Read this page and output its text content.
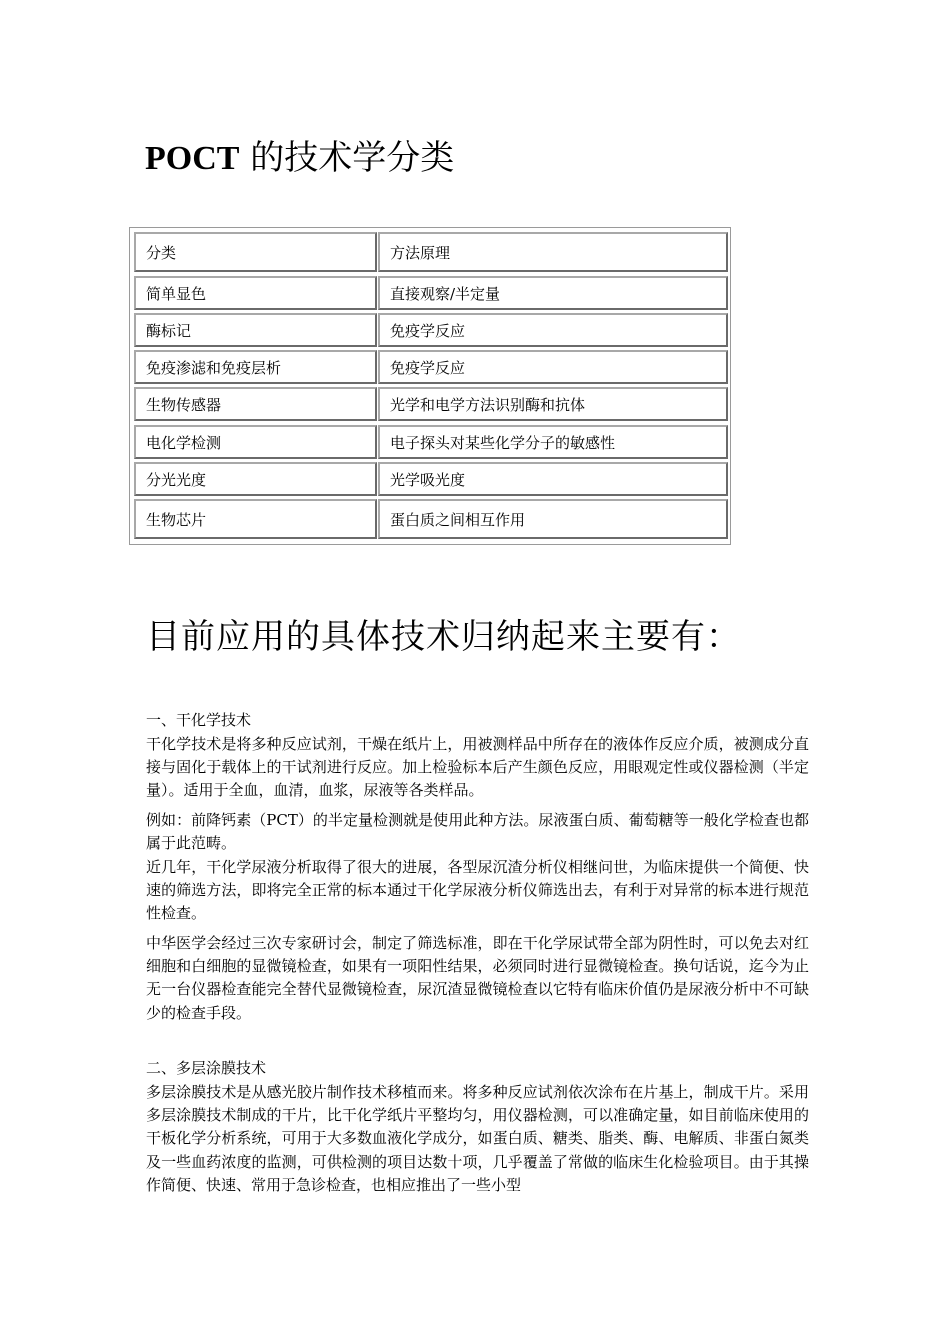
POCT 的技术学分类
分类	方法原理
简单显色	直接观察/半定量
酶标记	免疫学反应
免疫渗滤和免疫层析	免疫学反应
生物传感器	光学和电学方法识别酶和抗体
电化学检测	电子探头对某些化学分子的敏感性
分光光度	光学吸光度
生物芯片	蛋白质之间相互作用
目前应用的具体技术归纳起来主要有：

一、干化学技术

干化学技术是将多种反应试剂，干燥在纸片上，用被测样品中所存在的液体作反应介质，被测成分直接与固化于载体上的干试剂进行反应。加上检验标本后产生颜色反应，用眼观定性或仪器检测（半定量）。适用于全血，血清，血浆，尿液等各类样品。

例如：前降钙素（PCT）的半定量检测就是使用此种方法。尿液蛋白质、葡萄糖等一般化学检查也都属于此范畴。

近几年，干化学尿液分析取得了很大的进展，各型尿沉渣分析仪相继问世，为临床提供一个简便、快速的筛选方法，即将完全正常的标本通过干化学尿液分析仪筛选出去，有利于对异常的标本进行规范性检查。

中华医学会经过三次专家研讨会，制定了筛选标准，即在干化学尿试带全部为阴性时，可以免去对红细胞和白细胞的显微镜检查，如果有一项阳性结果，必须同时进行显微镜检查。换句话说，迄今为止无一台仪器检查能完全替代显微镜检查，尿沉渣显微镜检查以它特有临床价值仍是尿液分析中不可缺少的检查手段。

二、多层涂膜技术

多层涂膜技术是从感光胶片制作技术移植而来。将多种反应试剂依次涂布在片基上，制成干片。采用多层涂膜技术制成的干片，比干化学纸片平整均匀，用仪器检测，可以准确定量，如目前临床使用的干板化学分析系统，可用于大多数血液化学成分，如蛋白质、糖类、脂类、酶、电解质、非蛋白氮类及一些血药浓度的监测，可供检测的项目达数十项，几乎覆盖了常做的临床生化检验项目。由于其操作简便、快速、常用于急诊检查，也相应推出了一些小型
